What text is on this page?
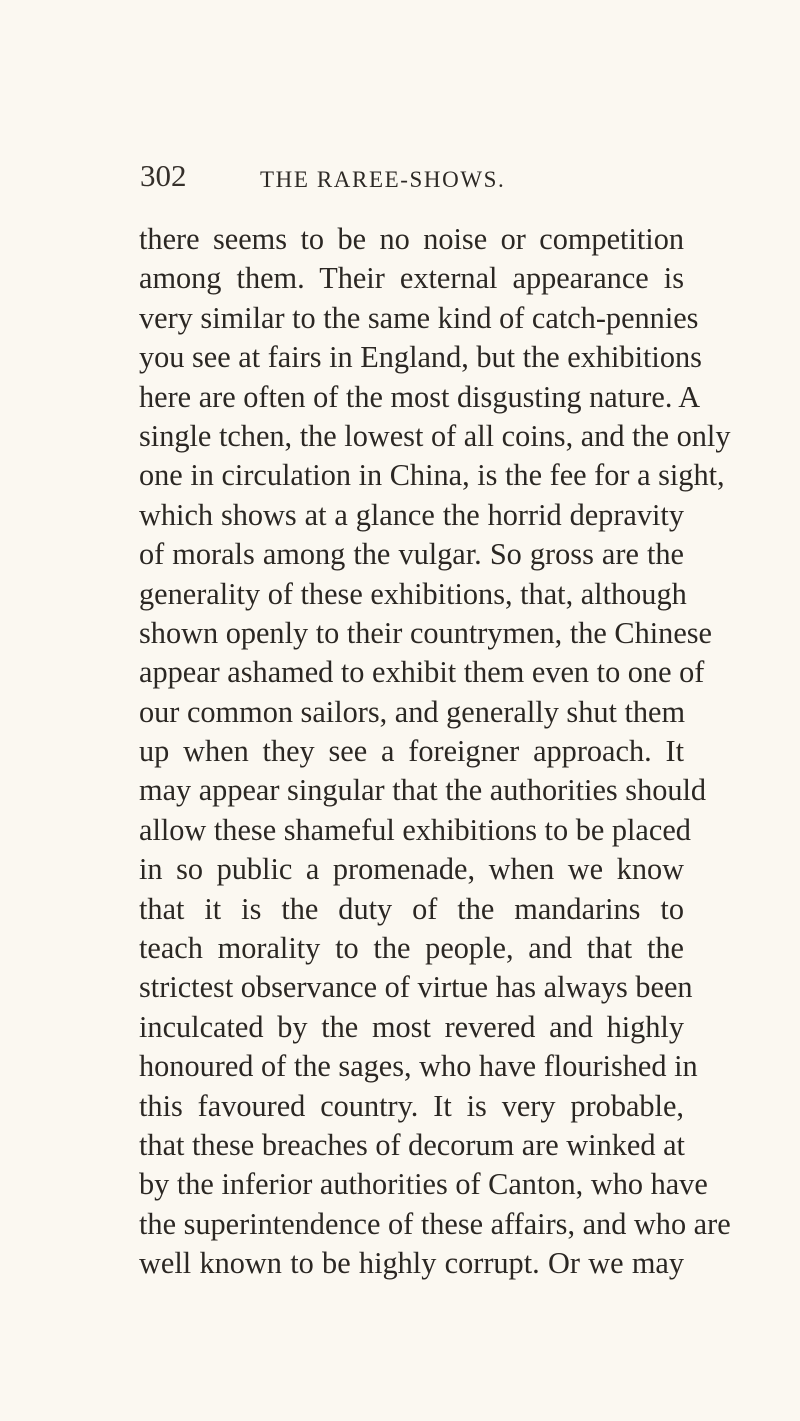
302	THE RAREE-SHOWS.
there seems to be no noise or competition
among them. Their external appearance is
very similar to the same kind of catch-pennies
you see at fairs in England, but the exhibitions
here are often of the most disgusting nature. A
single tchen, the lowest of all coins, and the only
one in circulation in China, is the fee for a sight,
which shows at a glance the horrid depravity
of morals among the vulgar. So gross are the
generality of these exhibitions, that, although
shown openly to their countrymen, the Chinese
appear ashamed to exhibit them even to one of
our common sailors, and generally shut them
up when they see a foreigner approach. It
may appear singular that the authorities should
allow these shameful exhibitions to be placed
in so public a promenade, when we know
that it is the duty of the mandarins to
teach morality to the people, and that the
strictest observance of virtue has always been
inculcated by the most revered and highly
honoured of the sages, who have flourished in
this favoured country. It is very probable,
that these breaches of decorum are winked at
by the inferior authorities of Canton, who have
the superintendence of these affairs, and who are
well known to be highly corrupt. Or we may
